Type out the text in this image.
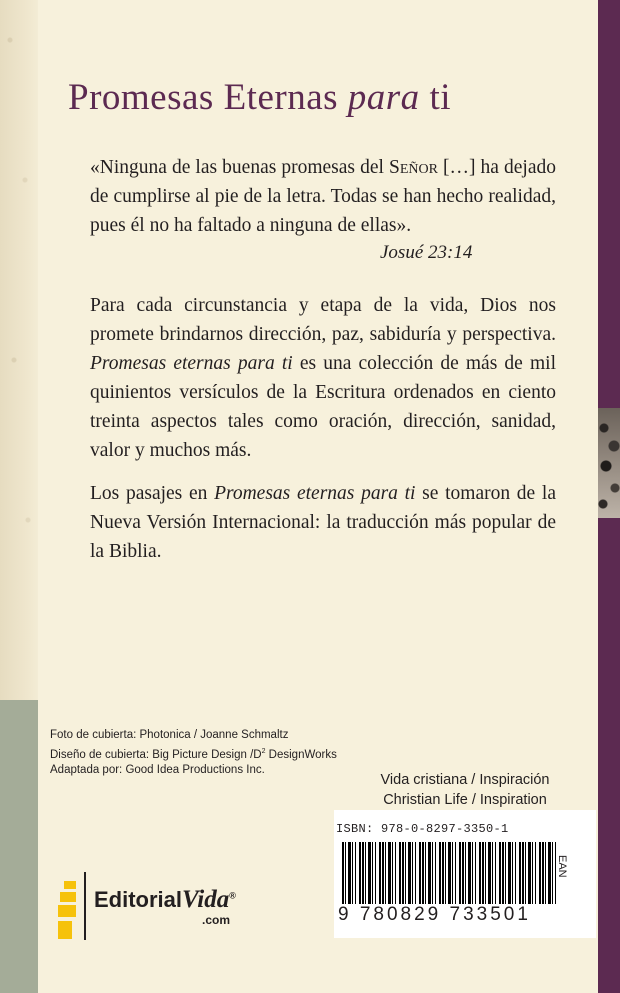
Promesas Eternas para ti
«Ninguna de las buenas promesas del Señor […] ha dejado de cumplirse al pie de la letra. Todas se han hecho realidad, pues él no ha faltado a ninguna de ellas».
Josué 23:14
Para cada circunstancia y etapa de la vida, Dios nos promete brindarnos dirección, paz, sabiduría y perspectiva. Promesas eternas para ti es una colección de más de mil quinientos versículos de la Escritura ordenados en ciento treinta aspectos tales como oración, dirección, sanidad, valor y muchos más.
Los pasajes en Promesas eternas para ti se tomaron de la Nueva Versión Internacional: la traducción más popular de la Biblia.
Foto de cubierta: Photonica / Joanne Schmaltz
Diseño de cubierta: Big Picture Design $/D^2$ DesignWorks
Adaptada por: Good Idea Productions Inc.
Vida cristiana / Inspiración
Christian Life / Inspiration
ISBN: 978-0-8297-3350-1
9 780829 733501
EAN
EditorialVida®
.com
